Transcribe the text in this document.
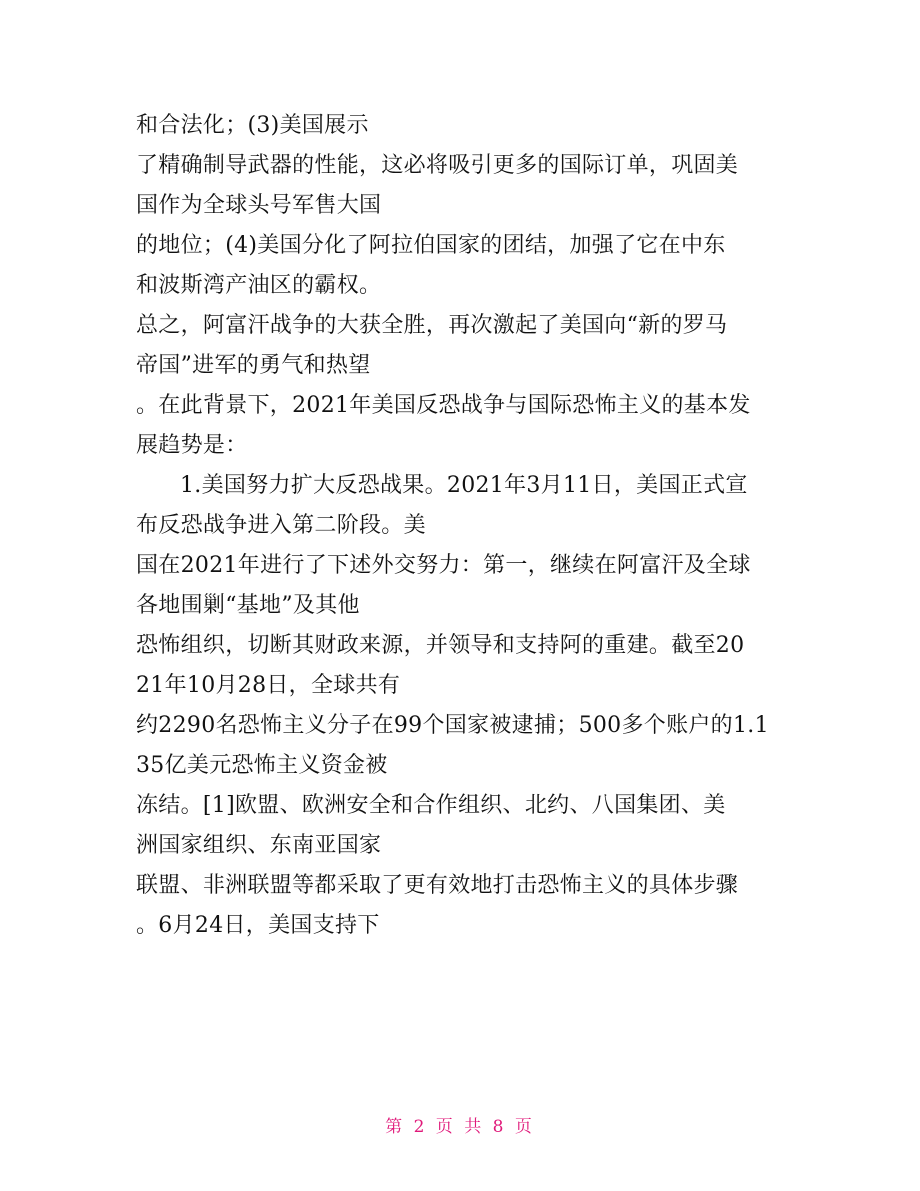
和合法化；(3)美国展示
了精确制导武器的性能，这必将吸引更多的国际订单，巩固美
国作为全球头号军售大国
的地位；(4)美国分化了阿拉伯国家的团结，加强了它在中东
和波斯湾产油区的霸权。
总之，阿富汗战争的大获全胜，再次激起了美国向“新的罗马
帝国”进军的勇气和热望
。在此背景下，2021年美国反恐战争与国际恐怖主义的基本发
展趋势是：
1.美国努力扩大反恐战果。2021年3月11日，美国正式宣
布反恐战争进入第二阶段。美
国在2021年进行了下述外交努力：第一，继续在阿富汗及全球
各地围剿“基地”及其他
恐怖组织，切断其财政来源，并领导和支持阿的重建。截至20
21年10月28日，全球共有
约2290名恐怖主义分子在99个国家被逮捕；500多个账户的1.1
35亿美元恐怖主义资金被
冻结。[1]欧盟、欧洲安全和合作组织、北约、八国集团、美
洲国家组织、东南亚国家
联盟、非洲联盟等都采取了更有效地打击恐怖主义的具体步骤
。6月24日，美国支持下
第 2 页 共 8 页
